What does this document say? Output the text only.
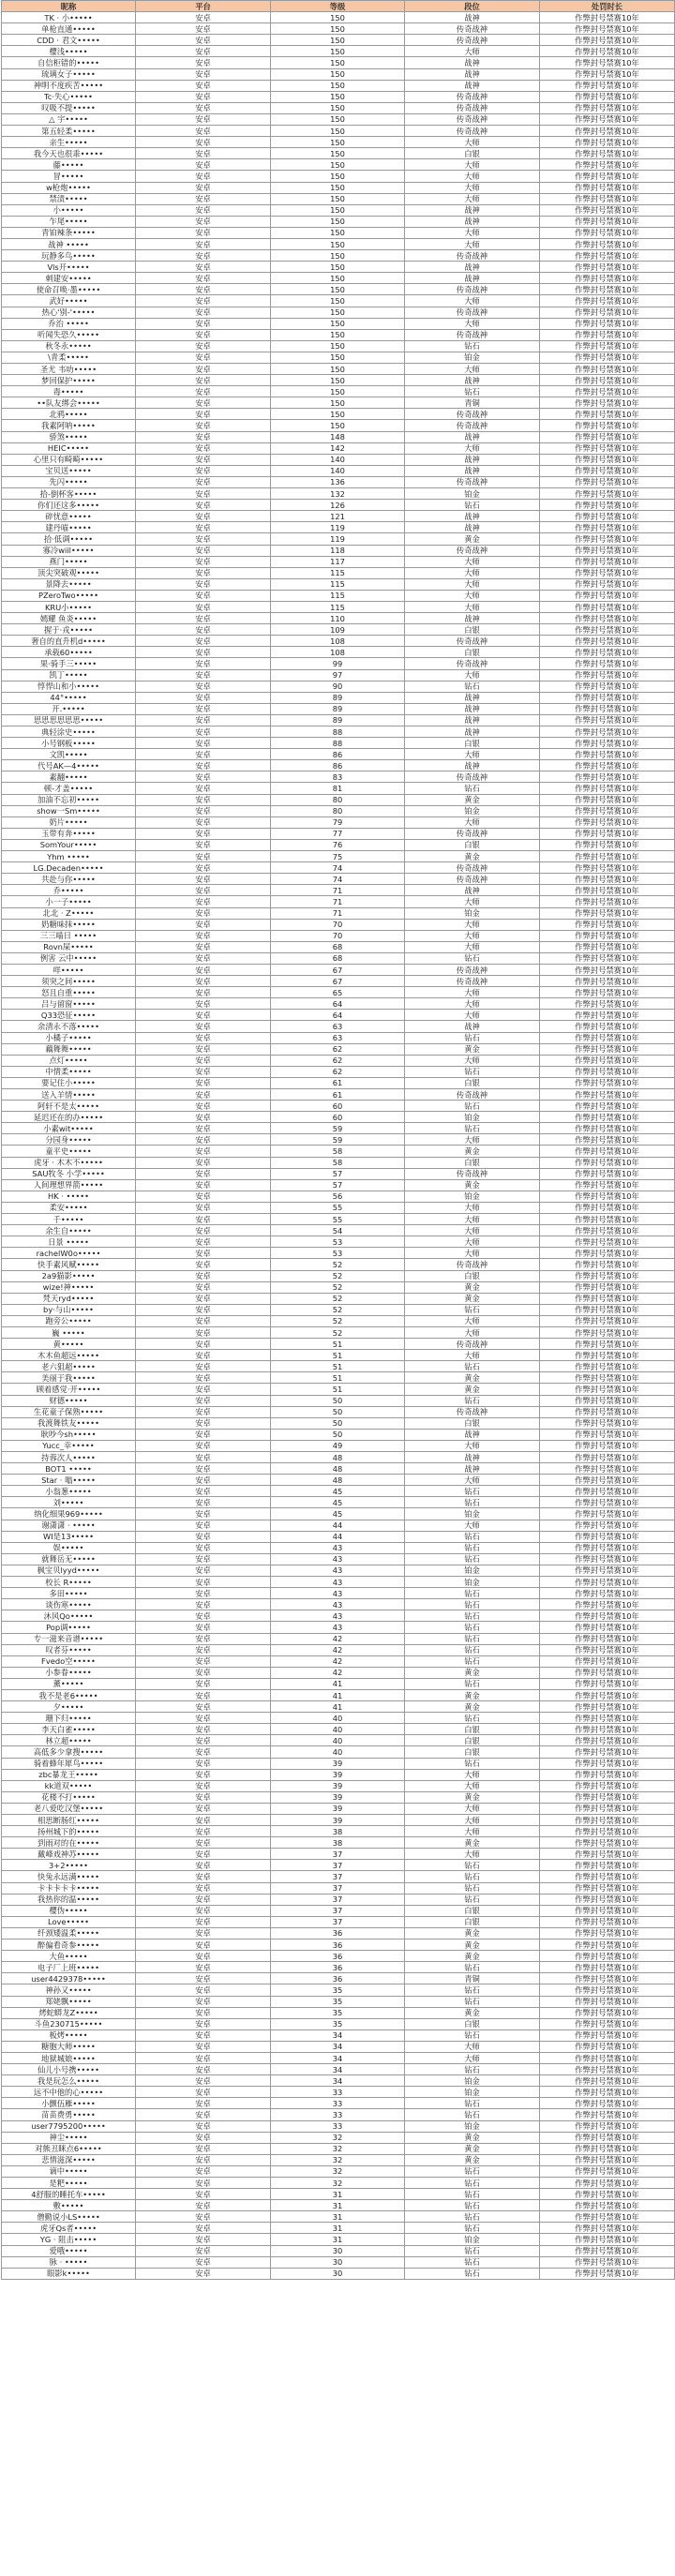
昵称	平台	等级	段位	处罚时长
TK · 小•••••	安卓	150	战神	作弊封号禁赛10年
单枪直通•••••	安卓	150	传奇战神	作弊封号禁赛10年
CDD · 君文•••••	安卓	150	传奇战神	作弊封号禁赛10年
樱浅•••••	安卓	150	大师	作弊封号禁赛10年
自信柜错的•••••	安卓	150	战神	作弊封号禁赛10年
琉璃女子•••••	安卓	150	战神	作弊封号禁赛10年
神明不度疾苦•••••	安卓	150	战神	作弊封号禁赛10年
Tc·失心•••••	安卓	150	传奇战神	作弊封号禁赛10年
叹吸不提•••••	安卓	150	传奇战神	作弊封号禁赛10年
△ 宇•••••	安卓	150	传奇战神	作弊封号禁赛10年
第五轻柔•••••	安卓	150	传奇战神	作弊封号禁赛10年
亲生•••••	安卓	150	大师	作弊封号禁赛10年
我今天也很乖•••••	安卓	150	白银	作弊封号禁赛10年
藤•••••	安卓	150	大师	作弊封号禁赛10年
冒•••••	安卓	150	大师	作弊封号禁赛10年
w枪炮•••••	安卓	150	大师	作弊封号禁赛10年
禁渍•••••	安卓	150	大师	作弊封号禁赛10年
小•••••	安卓	150	战神	作弊封号禁赛10年
乍尾•••••	安卓	150	战神	作弊封号禁赛10年
青铂辣条•••••	安卓	150	大师	作弊封号禁赛10年
战神 •••••	安卓	150	大师	作弊封号禁赛10年
玩静多鸟•••••	安卓	150	传奇战神	作弊封号禁赛10年
Vls开•••••	安卓	150	战神	作弊封号禁赛10年
刺建安•••••	安卓	150	战神	作弊封号禁赛10年
使命召唤·墨•••••	安卓	150	传奇战神	作弊封号禁赛10年
武好•••••	安卓	150	大师	作弊封号禁赛10年
热心'别-'•••••	安卓	150	传奇战神	作弊封号禁赛10年
乔治 •••••	安卓	150	大师	作弊封号禁赛10年
听闻失恐久•••••	安卓	150	传奇战神	作弊封号禁赛10年
秋冬永•••••	安卓	150	钻石	作弊封号禁赛10年
\青柔•••••	安卓	150	铂金	作弊封号禁赛10年
圣尤 韦叻•••••	安卓	150	大师	作弊封号禁赛10年
梦回保护•••••	安卓	150	战神	作弊封号禁赛10年
毒•••••	安卓	150	钻石	作弊封号禁赛10年
••队友绑会•••••	安卓	150	青铜	作弊封号禁赛10年
北鸦•••••	安卓	150	传奇战神	作弊封号禁赛10年
我素阿呐•••••	安卓	150	传奇战神	作弊封号禁赛10年
骄煞•••••	安卓	148	战神	作弊封号禁赛10年
HEIC•••••	安卓	142	大师	作弊封号禁赛10年
心里只有畸畸•••••	安卓	140	战神	作弊封号禁赛10年
宝贝送•••••	安卓	140	战神	作弊封号禁赛10年
先闪•••••	安卓	136	传奇战神	作弊封号禁赛10年
拾-倒杯客•••••	安卓	132	铂金	作弊封号禁赛10年
你们还这多•••••	安卓	126	钻石	作弊封号禁赛10年
碎忧意•••••	安卓	121	战神	作弊封号禁赛10年
建丹喵•••••	安卓	119	战神	作弊封号禁赛10年
拾·低调•••••	安卓	119	黄金	作弊封号禁赛10年
寡冷wiil•••••	安卓	118	传奇战神	作弊封号禁赛10年
燕门•••••	安卓	117	大师	作弊封号禁赛10年
顶尖突破观•••••	安卓	115	大师	作弊封号禁赛10年
景降去•••••	安卓	115	大师	作弊封号禁赛10年
PZeroTwo•••••	安卓	115	大师	作弊封号禁赛10年
KRU小•••••	安卓	115	大师	作弊封号禁赛10年
嫣耀 鱼炎•••••	安卓	110	战神	作弊封号禁赛10年
握于·戎•••••	安卓	109	白银	作弊封号禁赛10年
奢自的直升机d•••••	安卓	108	传奇战神	作弊封号禁赛10年
承载60•••••	安卓	108	白银	作弊封号禁赛10年
果·骑手三•••••	安卓	99	传奇战神	作弊封号禁赛10年
凯丁•••••	安卓	97	大师	作弊封号禁赛10年
惇悍山和小•••••	安卓	90	钻石	作弊封号禁赛10年
44°•••••	安卓	89	战神	作弊封号禁赛10年
开.•••••	安卓	89	战神	作弊封号禁赛10年
思思思思思思•••••	安卓	89	战神	作弊封号禁赛10年
典轻涂史•••••	安卓	88	战神	作弊封号禁赛10年
小号钢板•••••	安卓	88	白银	作弊封号禁赛10年
文凯•••••	安卓	86	大师	作弊封号禁赛10年
代号AK—4•••••	安卓	86	战神	作弊封号禁赛10年
素翻•••••	安卓	83	传奇战神	作弊封号禁赛10年
顿-才盖•••••	安卓	81	钻石	作弊封号禁赛10年
加油不忘初•••••	安卓	80	黄金	作弊封号禁赛10年
show一Sm•••••	安卓	80	铂金	作弊封号禁赛10年
奶片•••••	安卓	79	大师	作弊封号禁赛10年
玉带有奔•••••	安卓	77	传奇战神	作弊封号禁赛10年
SomYour•••••	安卓	76	白银	作弊封号禁赛10年
Yhm •••••	安卓	75	黄金	作弊封号禁赛10年
LG.Decaden•••••	安卓	74	传奇战神	作弊封号禁赛10年
共赴与你•••••	安卓	74	传奇战神	作弊封号禁赛10年
乔•••••	安卓	71	战神	作弊封号禁赛10年
小一子•••••	安卓	71	大师	作弊封号禁赛10年
北北 · Z•••••	安卓	71	铂金	作弊封号禁赛10年
奶糖味抹•••••	安卓	70	大师	作弊封号禁赛10年
三三喵日 •••••	安卓	70	大师	作弊封号禁赛10年
Rovn屎•••••	安卓	68	大师	作弊封号禁赛10年
例害 云中•••••	安卓	68	钻石	作弊封号禁赛10年
咩•••••	安卓	67	传奇战神	作弊封号禁赛10年
须突之间•••••	安卓	67	传奇战神	作弊封号禁赛10年
怒且自重•••••	安卓	65	大师	作弊封号禁赛10年
吕与留窗•••••	安卓	64	大师	作弊封号禁赛10年
Q33恐征•••••	安卓	64	大师	作弊封号禁赛10年
余清永不落•••••	安卓	63	战神	作弊封号禁赛10年
小橘子•••••	安卓	63	钻石	作弊封号禁赛10年
藕舞舞•••••	安卓	62	黄金	作弊封号禁赛10年
点灯•••••	安卓	62	大师	作弊封号禁赛10年
中情柔•••••	安卓	62	钻石	作弊封号禁赛10年
要记住小•••••	安卓	61	白银	作弊封号禁赛10年
送入羊情•••••	安卓	61	传奇战神	作弊封号禁赛10年
阿轩不是太•••••	安卓	60	钻石	作弊封号禁赛10年
延迟还在的办•••••	安卓	60	铂金	作弊封号禁赛10年
小素wit•••••	安卓	59	钻石	作弊封号禁赛10年
分园身•••••	安卓	59	大师	作弊封号禁赛10年
童平史•••••	安卓	58	黄金	作弊封号禁赛10年
虎牙 · 木木不•••••	安卓	58	白银	作弊封号禁赛10年
SAU牧冬 小学•••••	安卓	57	传奇战神	作弊封号禁赛10年
人间理想界箭•••••	安卓	57	黄金	作弊封号禁赛10年
HK · •••••	安卓	56	铂金	作弊封号禁赛10年
柔安•••••	安卓	55	大师	作弊封号禁赛10年
千•••••	安卓	55	大师	作弊封号禁赛10年
余生自•••••	安卓	54	大师	作弊封号禁赛10年
日景 •••••	安卓	53	大师	作弊封号禁赛10年
rachelW0o•••••	安卓	53	大师	作弊封号禁赛10年
快手素风赋•••••	安卓	52	传奇战神	作弊封号禁赛10年
2a9猫影•••••	安卓	52	白银	作弊封号禁赛10年
wize!神•••••	安卓	52	黄金	作弊封号禁赛10年
梵天ryd•••••	安卓	52	黄金	作弊封号禁赛10年
by·与山•••••	安卓	52	钻石	作弊封号禁赛10年
跑旁公•••••	安卓	52	大师	作弊封号禁赛10年
巍 •••••	安卓	52	大师	作弊封号禁赛10年
黄•••••	安卓	51	传奇战神	作弊封号禁赛10年
木木鱼超远•••••	安卓	51	大师	作弊封号禁赛10年
老六狙超•••••	安卓	51	钻石	作弊封号禁赛10年
美丽于我•••••	安卓	51	黄金	作弊封号禁赛10年
顾着感觉·开•••••	安卓	51	黄金	作弊封号禁赛10年
财德•••••	安卓	50	钻石	作弊封号禁赛10年
生花童子保熟•••••	安卓	50	传奇战神	作弊封号禁赛10年
我渡舞铁友•••••	安卓	50	白银	作弊封号禁赛10年
耿吵今sh•••••	安卓	50	战神	作弊封号禁赛10年
Yucc_幸•••••	安卓	49	大师	作弊封号禁赛10年
持蓉次人•••••	安卓	48	战神	作弊封号禁赛10年
BOT1 •••••	安卓	48	战神	作弊封号禁赛10年
Star · 嗡•••••	安卓	48	大师	作弊封号禁赛10年
小翁葱•••••	安卓	45	钻石	作弊封号禁赛10年
刘•••••	安卓	45	钻石	作弊封号禁赛10年
纳化细果969•••••	安卓	45	铂金	作弊封号禁赛10年
谢潇潇 · •••••	安卓	44	大师	作弊封号禁赛10年
WI是13•••••	安卓	44	钻石	作弊封号禁赛10年
娱•••••	安卓	43	钻石	作弊封号禁赛10年
就舞岳无•••••	安卓	43	钻石	作弊封号禁赛10年
枫宝贝lyyd•••••	安卓	43	铂金	作弊封号禁赛10年
校长 R•••••	安卓	43	铂金	作弊封号禁赛10年
多田•••••	安卓	43	钻石	作弊封号禁赛10年
谈伤寒•••••	安卓	43	钻石	作弊封号禁赛10年
沐风Qo•••••	安卓	43	钻石	作弊封号禁赛10年
Pop调•••••	安卓	43	钻石	作弊封号禁赛10年
专一滋来音谱•••••	安卓	42	钻石	作弊封号禁赛10年
叹者芬•••••	安卓	42	钻石	作弊封号禁赛10年
Fvedo空•••••	安卓	42	钻石	作弊封号禁赛10年
小参眷•••••	安卓	42	黄金	作弊封号禁赛10年
薰•••••	安卓	41	钻石	作弊封号禁赛10年
我不是老6•••••	安卓	41	黄金	作弊封号禁赛10年
夕•••••	安卓	41	黄金	作弊封号禁赛10年
珊下归•••••	安卓	40	钻石	作弊封号禁赛10年
李天白雀•••••	安卓	40	白银	作弊封号禁赛10年
林立超•••••	安卓	40	白银	作弊封号禁赛10年
高低多少拿搜•••••	安卓	40	白银	作弊封号禁赛10年
骑着蜂年犀鸟•••••	安卓	39	钻石	作弊封号禁赛10年
zbc暴龙王•••••	安卓	39	大师	作弊封号禁赛10年
kk道双•••••	安卓	39	大师	作弊封号禁赛10年
花楼不打•••••	安卓	39	黄金	作弊封号禁赛10年
老八爱吃汉堡•••••	安卓	39	大师	作弊封号禁赛10年
相思断肠红•••••	安卓	39	大师	作弊封号禁赛10年
扬州城下的•••••	安卓	38	大师	作弊封号禁赛10年
到雨对的在•••••	安卓	38	黄金	作弊封号禁赛10年
戴峰戏神苏•••••	安卓	37	大师	作弊封号禁赛10年
3+2•••••	安卓	37	钻石	作弊封号禁赛10年
快兔永远满•••••	安卓	37	钻石	作弊封号禁赛10年
卡卡卡卡卡•••••	安卓	37	钻石	作弊封号禁赛10年
我热你的温•••••	安卓	37	钻石	作弊封号禁赛10年
樱伪•••••	安卓	37	白银	作弊封号禁赛10年
Love•••••	安卓	37	白银	作弊封号禁赛10年
纤颈矮温柔•••••	安卓	36	黄金	作弊封号禁赛10年
醉偏看奇参•••••	安卓	36	黄金	作弊封号禁赛10年
大鱼•••••	安卓	36	黄金	作弊封号禁赛10年
电子厂上班•••••	安卓	36	钻石	作弊封号禁赛10年
user4429378•••••	安卓	36	青铜	作弊封号禁赛10年
神孙又•••••	安卓	35	钻石	作弊封号禁赛10年
郑姥飘•••••	安卓	35	钻石	作弊封号禁赛10年
烤蛇蟒龙Z•••••	安卓	35	黄金	作弊封号禁赛10年
斗鱼230715•••••	安卓	35	白银	作弊封号禁赛10年
板烤•••••	安卓	34	钻石	作弊封号禁赛10年
糖胞大师•••••	安卓	34	大师	作弊封号禁赛10年
地狱城娘•••••	安卓	34	大师	作弊封号禁赛10年
仙儿小号携•••••	安卓	34	钻石	作弊封号禁赛10年
我是玩怎么•••••	安卓	34	铂金	作弊封号禁赛10年
远不中他的心•••••	安卓	33	铂金	作弊封号禁赛10年
小颤伍雁•••••	安卓	33	钻石	作弊封号禁赛10年
苗苗费勇•••••	安卓	33	钻石	作弊封号禁赛10年
user7795200•••••	安卓	33	铂金	作弊封号禁赛10年
神尘•••••	安卓	32	黄金	作弊封号禁赛10年
对熊丑眯点6•••••	安卓	32	黄金	作弊封号禁赛10年
悲情滋深•••••	安卓	32	黄金	作弊封号禁赛10年
谪中•••••	安卓	32	钻石	作弊封号禁赛10年
是粑•••••	安卓	32	钻石	作弊封号禁赛10年
4舒服的睡托车•••••	安卓	31	钻石	作弊封号禁赛10年
敷•••••	安卓	31	钻石	作弊封号禁赛10年
僧勤说小LS•••••	安卓	31	钻石	作弊封号禁赛10年
虎牙Qs者•••••	安卓	31	钻石	作弊封号禁赛10年
YG · 阻击•••••	安卓	31	铂金	作弊封号禁赛10年
爱哦•••••	安卓	30	钻石	作弊封号禁赛10年
脉 · •••••	安卓	30	钻石	作弊封号禁赛10年
眼影k•••••	安卓	30	钻石	作弊封号禁赛10年
